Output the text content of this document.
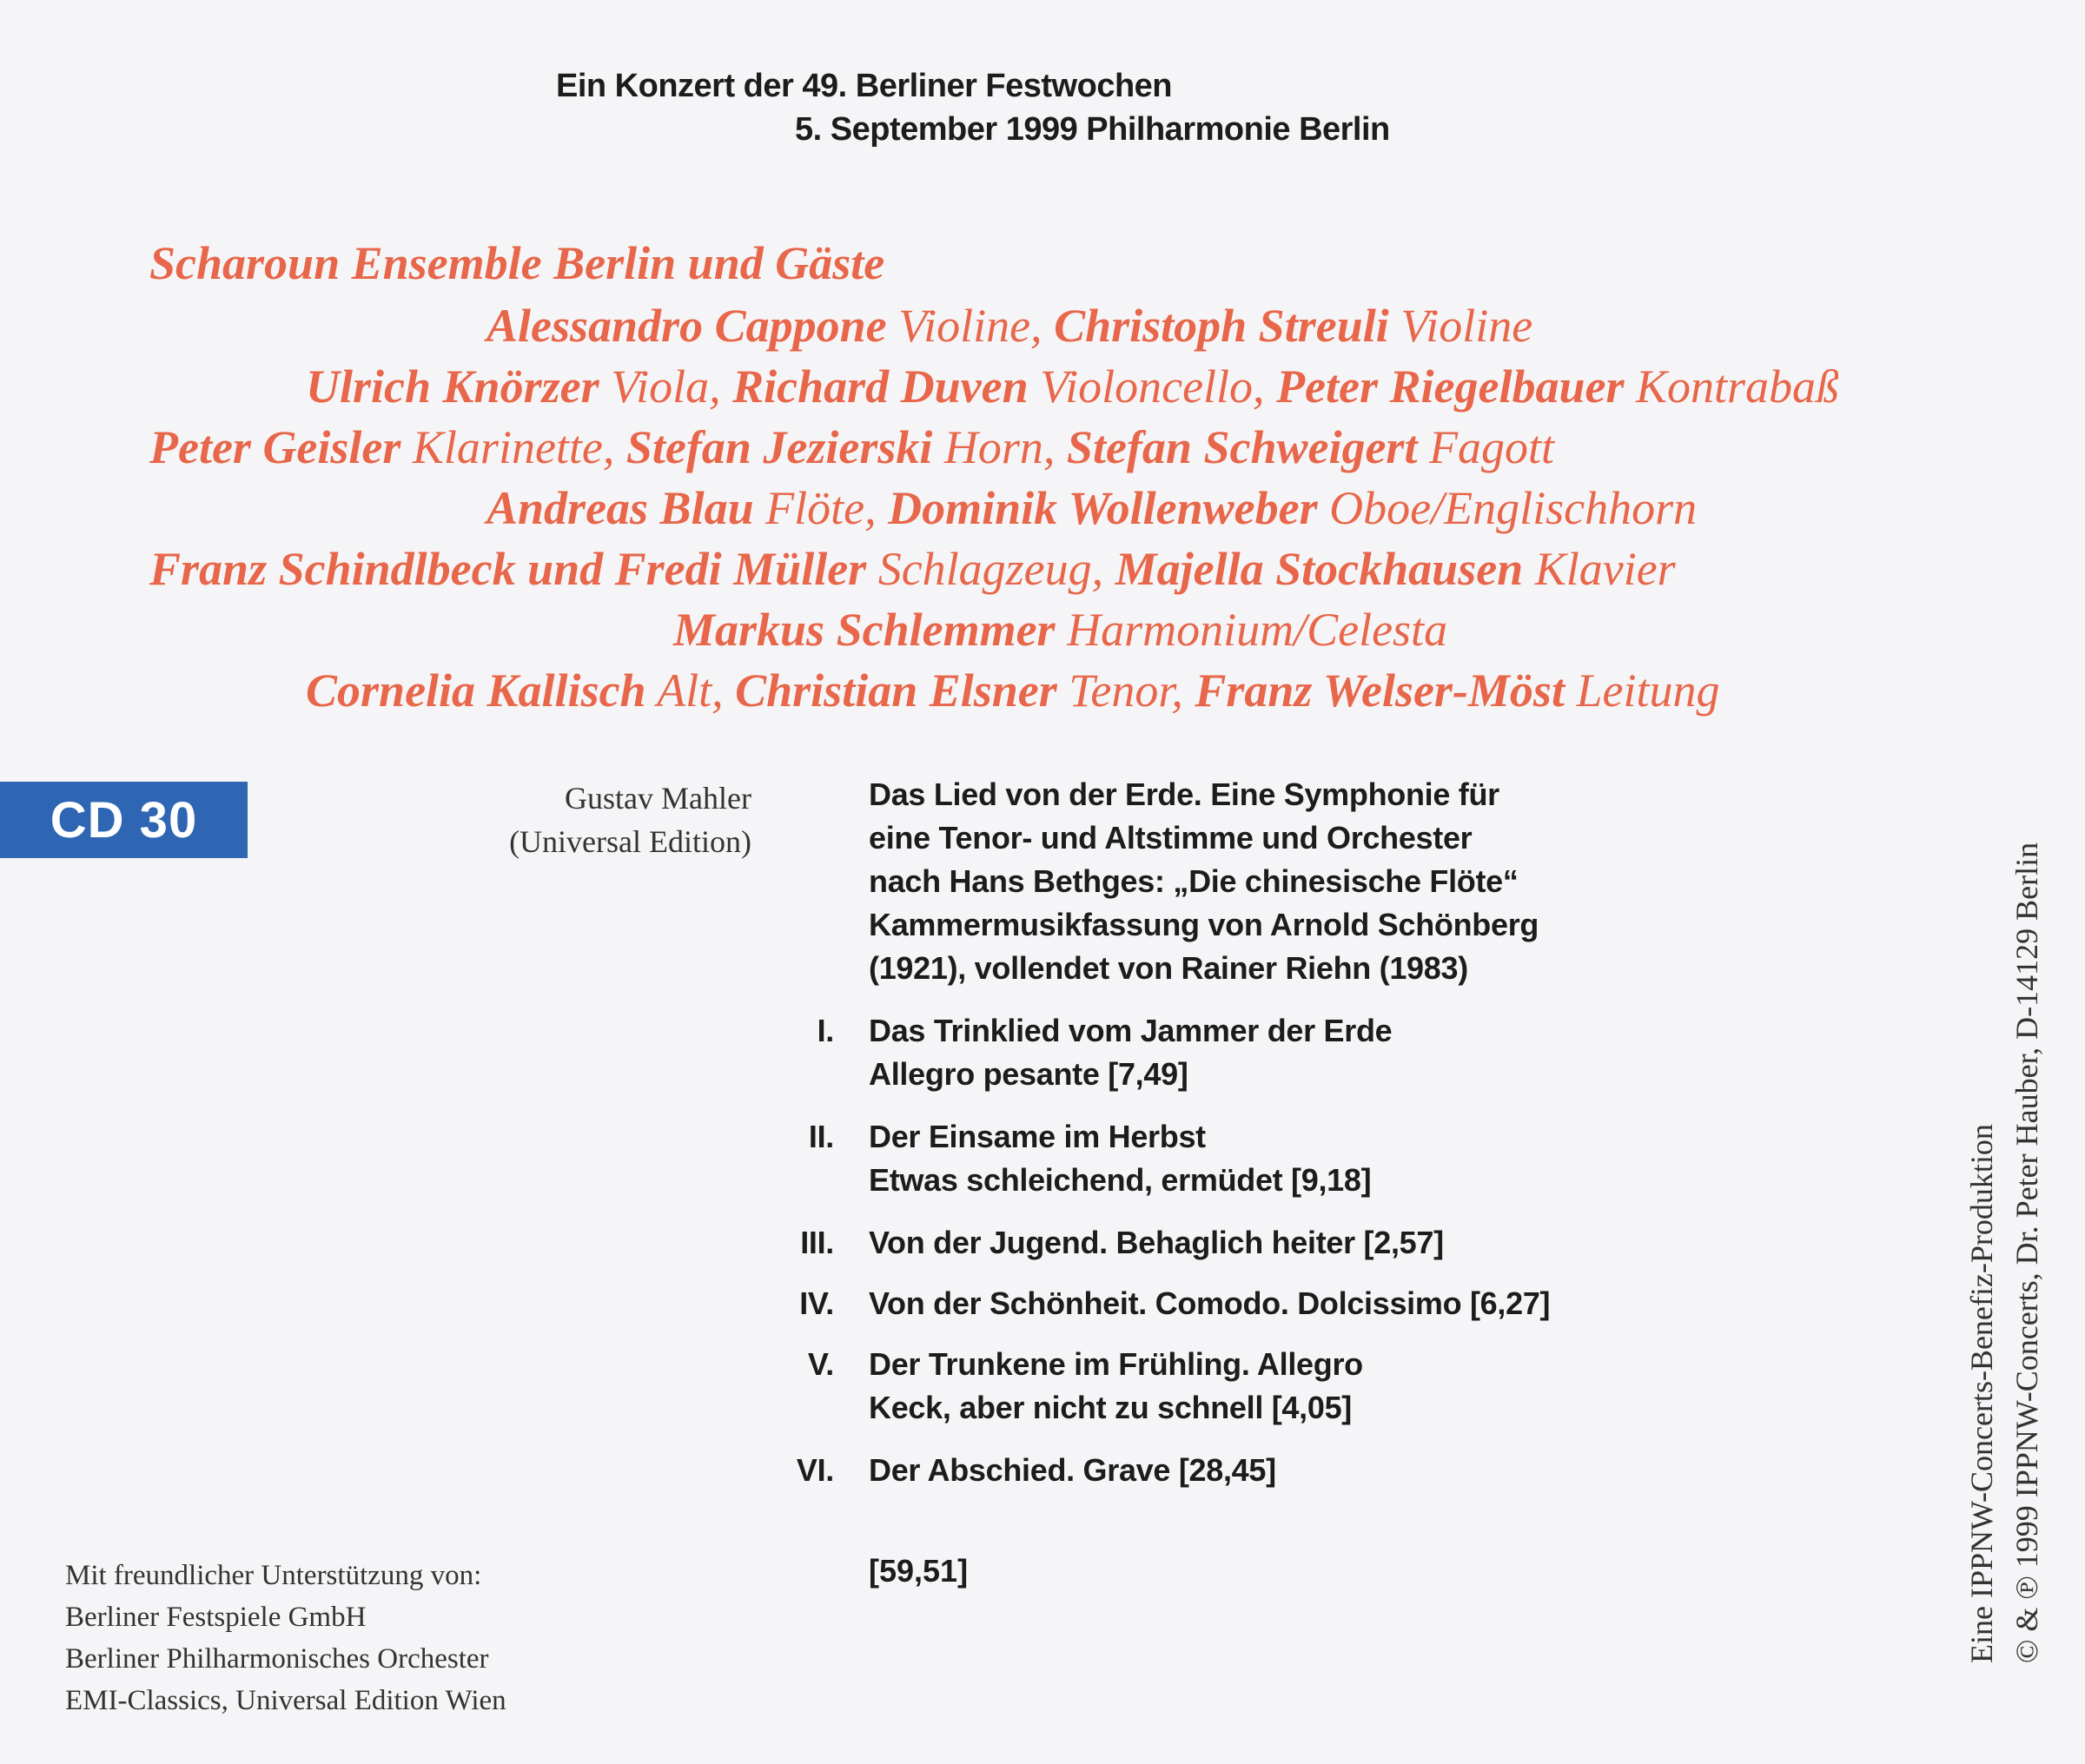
Ein Konzert der 49. Berliner Festwochen
5. September 1999 Philharmonie Berlin
Scharoun Ensemble Berlin und Gäste
Alessandro Cappone Violine, Christoph Streuli Violine
Ulrich Knörzer Viola, Richard Duven Violoncello, Peter Riegelbauer Kontrabaß
Peter Geisler Klarinette, Stefan Jezierski Horn, Stefan Schweigert Fagott
Andreas Blau Flöte, Dominik Wollenweber Oboe/Englischhorn
Franz Schindlbeck und Fredi Müller Schlagzeug, Majella Stockhausen Klavier
Markus Schlemmer Harmonium/Celesta
Cornelia Kallisch Alt, Christian Elsner Tenor, Franz Welser-Möst Leitung
CD 30	Gustav Mahler
(Universal Edition)
Das Lied von der Erde. Eine Symphonie für
eine Tenor- und Altstimme und Orchester
nach Hans Bethges: „Die chinesische Flöte“
Kammermusikfassung von Arnold Schönberg
(1921), vollendet von Rainer Riehn (1983)
I. Das Trinklied vom Jammer der Erde
Allegro pesante [7,49]
II. Der Einsame im Herbst
Etwas schleichend, ermüdet [9,18]
III. Von der Jugend. Behaglich heiter [2,57]
IV. Von der Schönheit. Comodo. Dolcissimo [6,27]
V. Der Trunkene im Frühling. Allegro
Keck, aber nicht zu schnell [4,05]
VI. Der Abschied. Grave [28,45]
[59,51]
Mit freundlicher Unterstützung von:
Berliner Festspiele GmbH
Berliner Philharmonisches Orchester
EMI-Classics, Universal Edition Wien
Eine IPPNW-Concerts-Benefiz-Produktion © & ℗ 1999 IPPNW-Concerts, Dr. Peter Hauber, D-14129 Berlin
